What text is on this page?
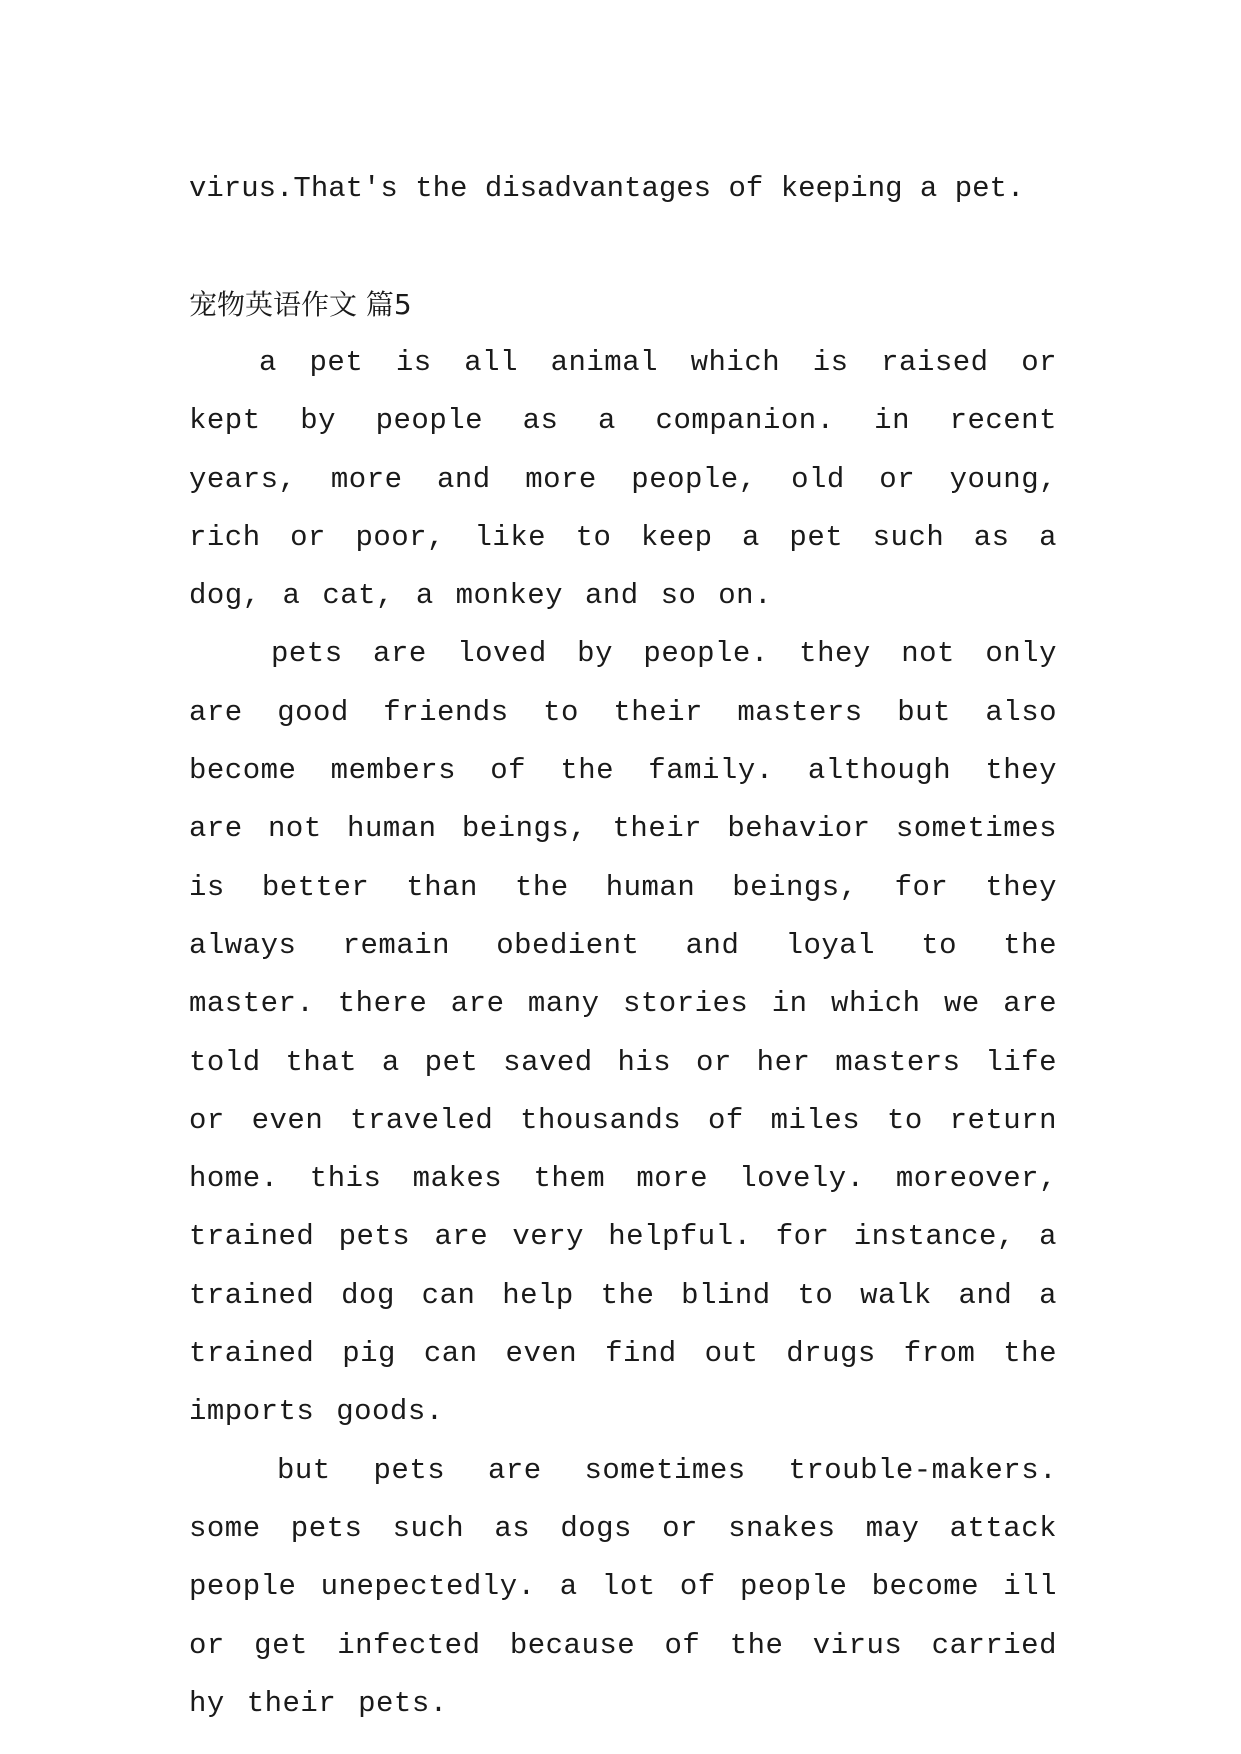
virus.That's the disadvantages of keeping a pet.
宠物英语作文 篇5

a pet is all animal which is raised or kept by people as a companion. in recent years, more and more people, old or young, rich or poor, like to keep a pet such as a dog, a cat, a monkey and so on.

pets are loved by people. they not only are good friends to their masters but also become members of the family. although they are not human beings, their behavior sometimes is better than the human beings, for they always remain obedient and loyal to the master. there are many stories in which we are told that a pet saved his or her masters life or even traveled thousands of miles to return home. this makes them more lovely. moreover, trained pets are very helpful. for instance, a trained dog can help the blind to walk and a trained pig can even find out drugs from the imports goods.

but pets are sometimes trouble-makers. some pets such as dogs or snakes may attack people unepectedly. a lot of people become ill or get infected because of the virus carried hy their pets.
